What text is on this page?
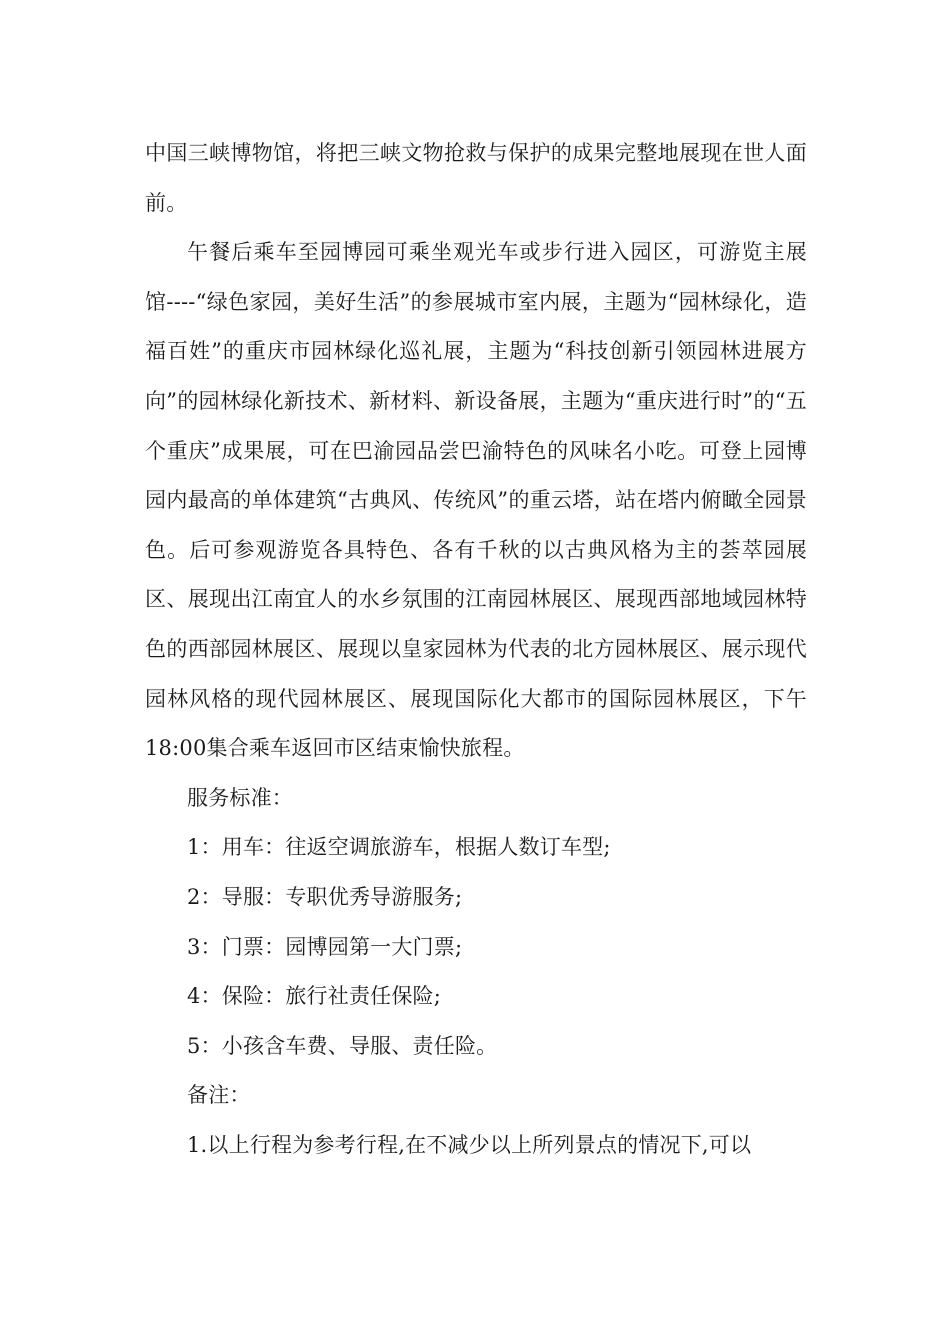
中国三峡博物馆，将把三峡文物抢救与保护的成果完整地展现在世人面前。

午餐后乘车至园博园可乘坐观光车或步行进入园区，可游览主展馆----“绿色家园，美好生活”的参展城市室内展，主题为“园林绿化，造福百姓”的重庆市园林绿化巡礼展，主题为“科技创新引领园林进展方向”的园林绿化新技术、新材料、新设备展，主题为“重庆进行时”的“五个重庆”成果展，可在巴渝园品尝巴渝特色的风味名小吃。可登上园博园内最高的单体建筑“古典风、传统风”的重云塔，站在塔内俯瞰全园景色。后可参观游览各具特色、各有千秋的以古典风格为主的荟萃园展区、展现出江南宜人的水乡氛围的江南园林展区、展现西部地域园林特色的西部园林展区、展现以皇家园林为代表的北方园林展区、展示现代园林风格的现代园林展区、展现国际化大都市的国际园林展区，下午18:00集合乘车返回市区结束愉快旅程。

服务标准：

1：用车：往返空调旅游车，根据人数订车型;

2：导服：专职优秀导游服务;

3：门票：园博园第一大门票;

4：保险：旅行社责任保险;

5：小孩含车费、导服、责任险。

备注：

1.以上行程为参考行程,在不减少以上所列景点的情况下,可以
